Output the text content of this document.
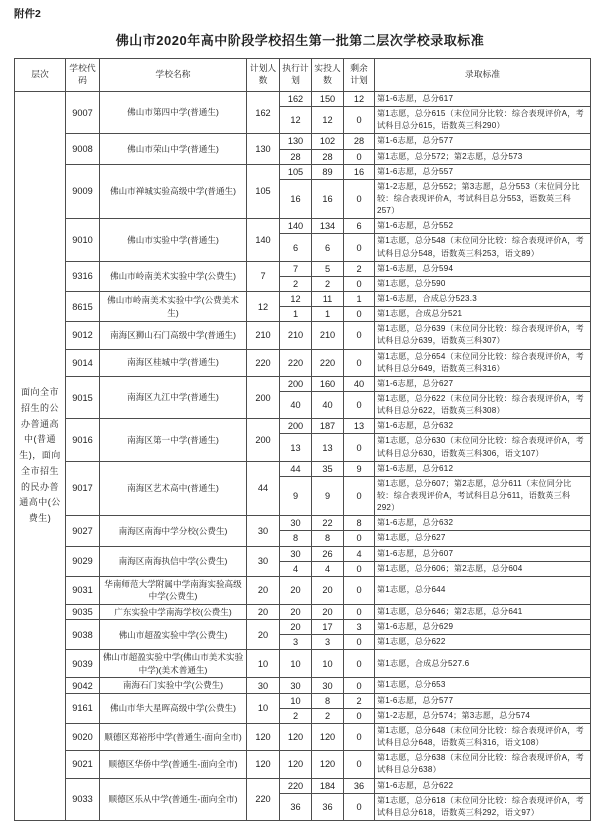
附件2
佛山市2020年高中阶段学校招生第一批第二层次学校录取标准
层次	学校代码	学校名称	计划人数	执行计划	实投人数	剩余计划	录取标准
面向全市招生的公办普通高中(普通生)，面向全市招生的民办普通高中(公费生)	9007	佛山市第四中学(普通生)	162	162	150	12	第1-6志愿，总分617
				12	12	0	第1志愿，总分615（末位同分比较：综合表现评价A，考试科目总分615，语数英三科290）
	9008	佛山市荣山中学(普通生)	130	130	102	28	第1-6志愿，总分577
				28	28	0	第1志愿，总分572；第2志愿，总分573
	9009	佛山市禅城实验高级中学(普通生)	105	105	89	16	第1-6志愿，总分557
				16	16	0	第1-2志愿，总分552；第3志愿，总分553（末位同分比较：综合表现评价A，考试科目总分553，语数英三科257）
	9010	佛山市实验中学(普通生)	140	140	134	6	第1-6志愿，总分552
				6	6	0	第1志愿，总分548（末位同分比较：综合表现评价A，考试科目总分548，语数英三科253，语文89）
	9316	佛山市岭南美术实验中学(公费生)	7	7	5	2	第1-6志愿，总分594
				2	2	0	第1志愿，总分590
	8615	佛山市岭南美术实验中学(公费美术生)	12	12	11	1	第1-6志愿，合成总分523.3
				1	1	0	第1志愿，合成总分521
	9012	南海区狮山石门高级中学(普通生)	210	210	210	0	第1志愿，总分639（末位同分比较：综合表现评价A，考试科目总分639，语数英三科307）
	9014	南海区桂城中学(普通生)	220	220	220	0	第1志愿，总分654（末位同分比较：综合表现评价A，考试科目总分649，语数英三科316）
	9015	南海区九江中学(普通生)	200	200	160	40	第1-6志愿，总分627
				40	40	0	第1志愿，总分622（末位同分比较：综合表现评价A，考试科目总分622，语数英三科308）
	9016	南海区第一中学(普通生)	200	200	187	13	第1-6志愿，总分632
				13	13	0	第1志愿，总分630（末位同分比较：综合表现评价A，考试科目总分630，语数英三科306，语文107）
	9017	南海区艺术高中(普通生)	44	44	35	9	第1-6志愿，总分612
				9	9	0	第1志愿，总分607；第2志愿，总分611（末位同分比较：综合表现评价A，考试科目总分611，语数英三科292）
	9027	南海区南海中学分校(公费生)	30	30	22	8	第1-6志愿，总分632
				8	8	0	第1志愿，总分627
	9029	南海区南海执信中学(公费生)	30	30	26	4	第1-6志愿，总分607
				4	4	0	第1志愿，总分606；第2志愿，总分604
	9031	华南师范大学附属中学南海实验高级中学(公费生)	20	20	20	0	第1志愿，总分644
	9035	广东实验中学南海学校(公费生)	20	20	20	0	第1志愿，总分646；第2志愿，总分641
	9038	佛山市超盈实验中学(公费生)	20	20	17	3	第1-6志愿，总分629
				3	3	0	第1志愿，总分622
	9039	佛山市超盈实验中学(佛山市美术实验中学)(美术普通生)	10	10	10	0	第1志愿，合成总分527.6
	9042	南海石门实验中学(公费生)	30	30	30	0	第1志愿，总分653
	9161	佛山市华大星晖高级中学(公费生)	10	10	8	2	第1-6志愿，总分577
				2	2	0	第1-2志愿，总分574；第3志愿，总分574
	9020	顺德区郑裕彤中学(普通生-面向全市)	120	120	120	0	第1志愿，总分648（末位同分比较：综合表现评价A，考试科目总分648，语数英三科316，语文108）
	9021	顺德区华侨中学(普通生-面向全市)	120	120	120	0	第1志愿，总分638（末位同分比较：综合表现评价A，考试科目总分638）
	9033	顺德区乐从中学(普通生-面向全市)	220	220	184	36	第1-6志愿，总分622
				36	36	0	第1志愿，总分618（末位同分比较：综合表现评价A，考试科目总分618，语数英三科292，语文97）
